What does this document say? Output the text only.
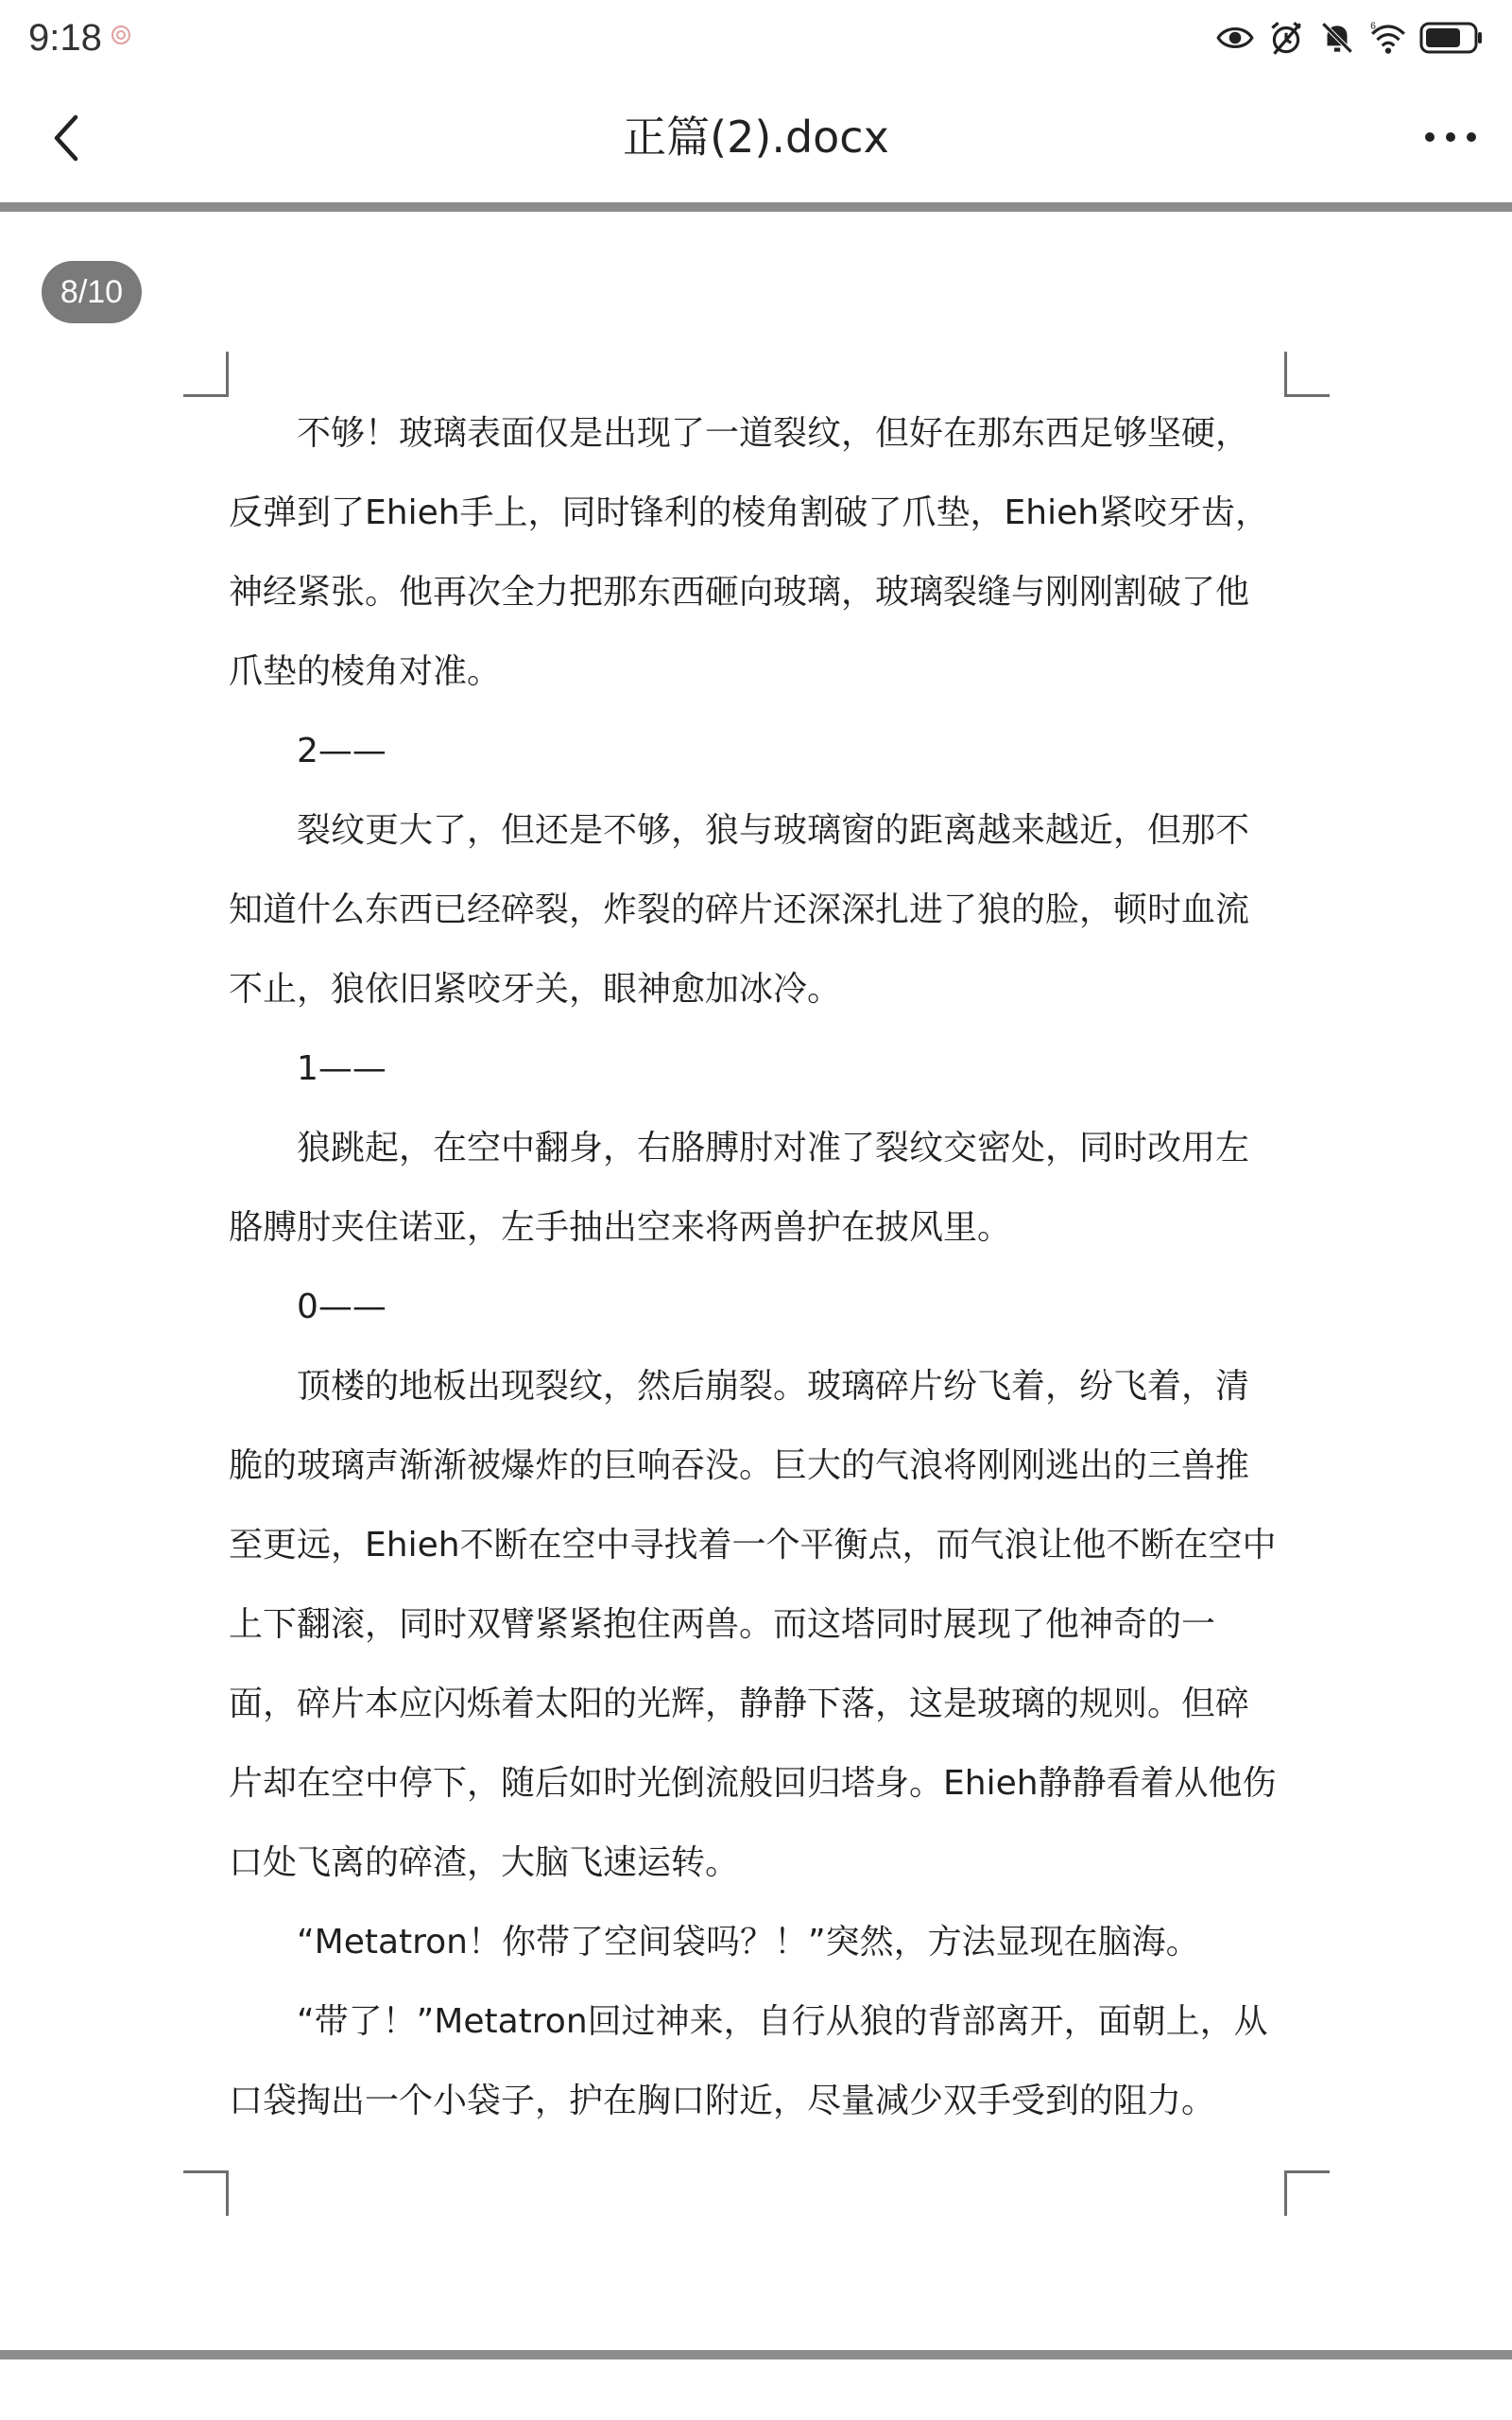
9:18	6
正篇(2).docx
8/10
不够！玻璃表面仅是出现了一道裂纹，但好在那东西足够坚硬，
反弹到了Ehieh手上，同时锋利的棱角割破了爪垫，Ehieh紧咬牙齿，
神经紧张。他再次全力把那东西砸向玻璃，玻璃裂缝与刚刚割破了他
爪垫的棱角对准。
2——
裂纹更大了，但还是不够，狼与玻璃窗的距离越来越近，但那不
知道什么东西已经碎裂，炸裂的碎片还深深扎进了狼的脸，顿时血流
不止，狼依旧紧咬牙关，眼神愈加冰冷。
1——
狼跳起，在空中翻身，右胳膊肘对准了裂纹交密处，同时改用左
胳膊肘夹住诺亚，左手抽出空来将两兽护在披风里。
0——
顶楼的地板出现裂纹，然后崩裂。玻璃碎片纷飞着，纷飞着，清
脆的玻璃声渐渐被爆炸的巨响吞没。巨大的气浪将刚刚逃出的三兽推
至更远，Ehieh不断在空中寻找着一个平衡点，而气浪让他不断在空中
上下翻滚，同时双臂紧紧抱住两兽。而这塔同时展现了他神奇的一
面，碎片本应闪烁着太阳的光辉，静静下落，这是玻璃的规则。但碎
片却在空中停下，随后如时光倒流般回归塔身。Ehieh静静看着从他伤
口处飞离的碎渣，大脑飞速运转。
“Metatron！你带了空间袋吗？！”突然，方法显现在脑海。
“带了！”Metatron回过神来，自行从狼的背部离开，面朝上，从
口袋掏出一个小袋子，护在胸口附近，尽量减少双手受到的阻力。
